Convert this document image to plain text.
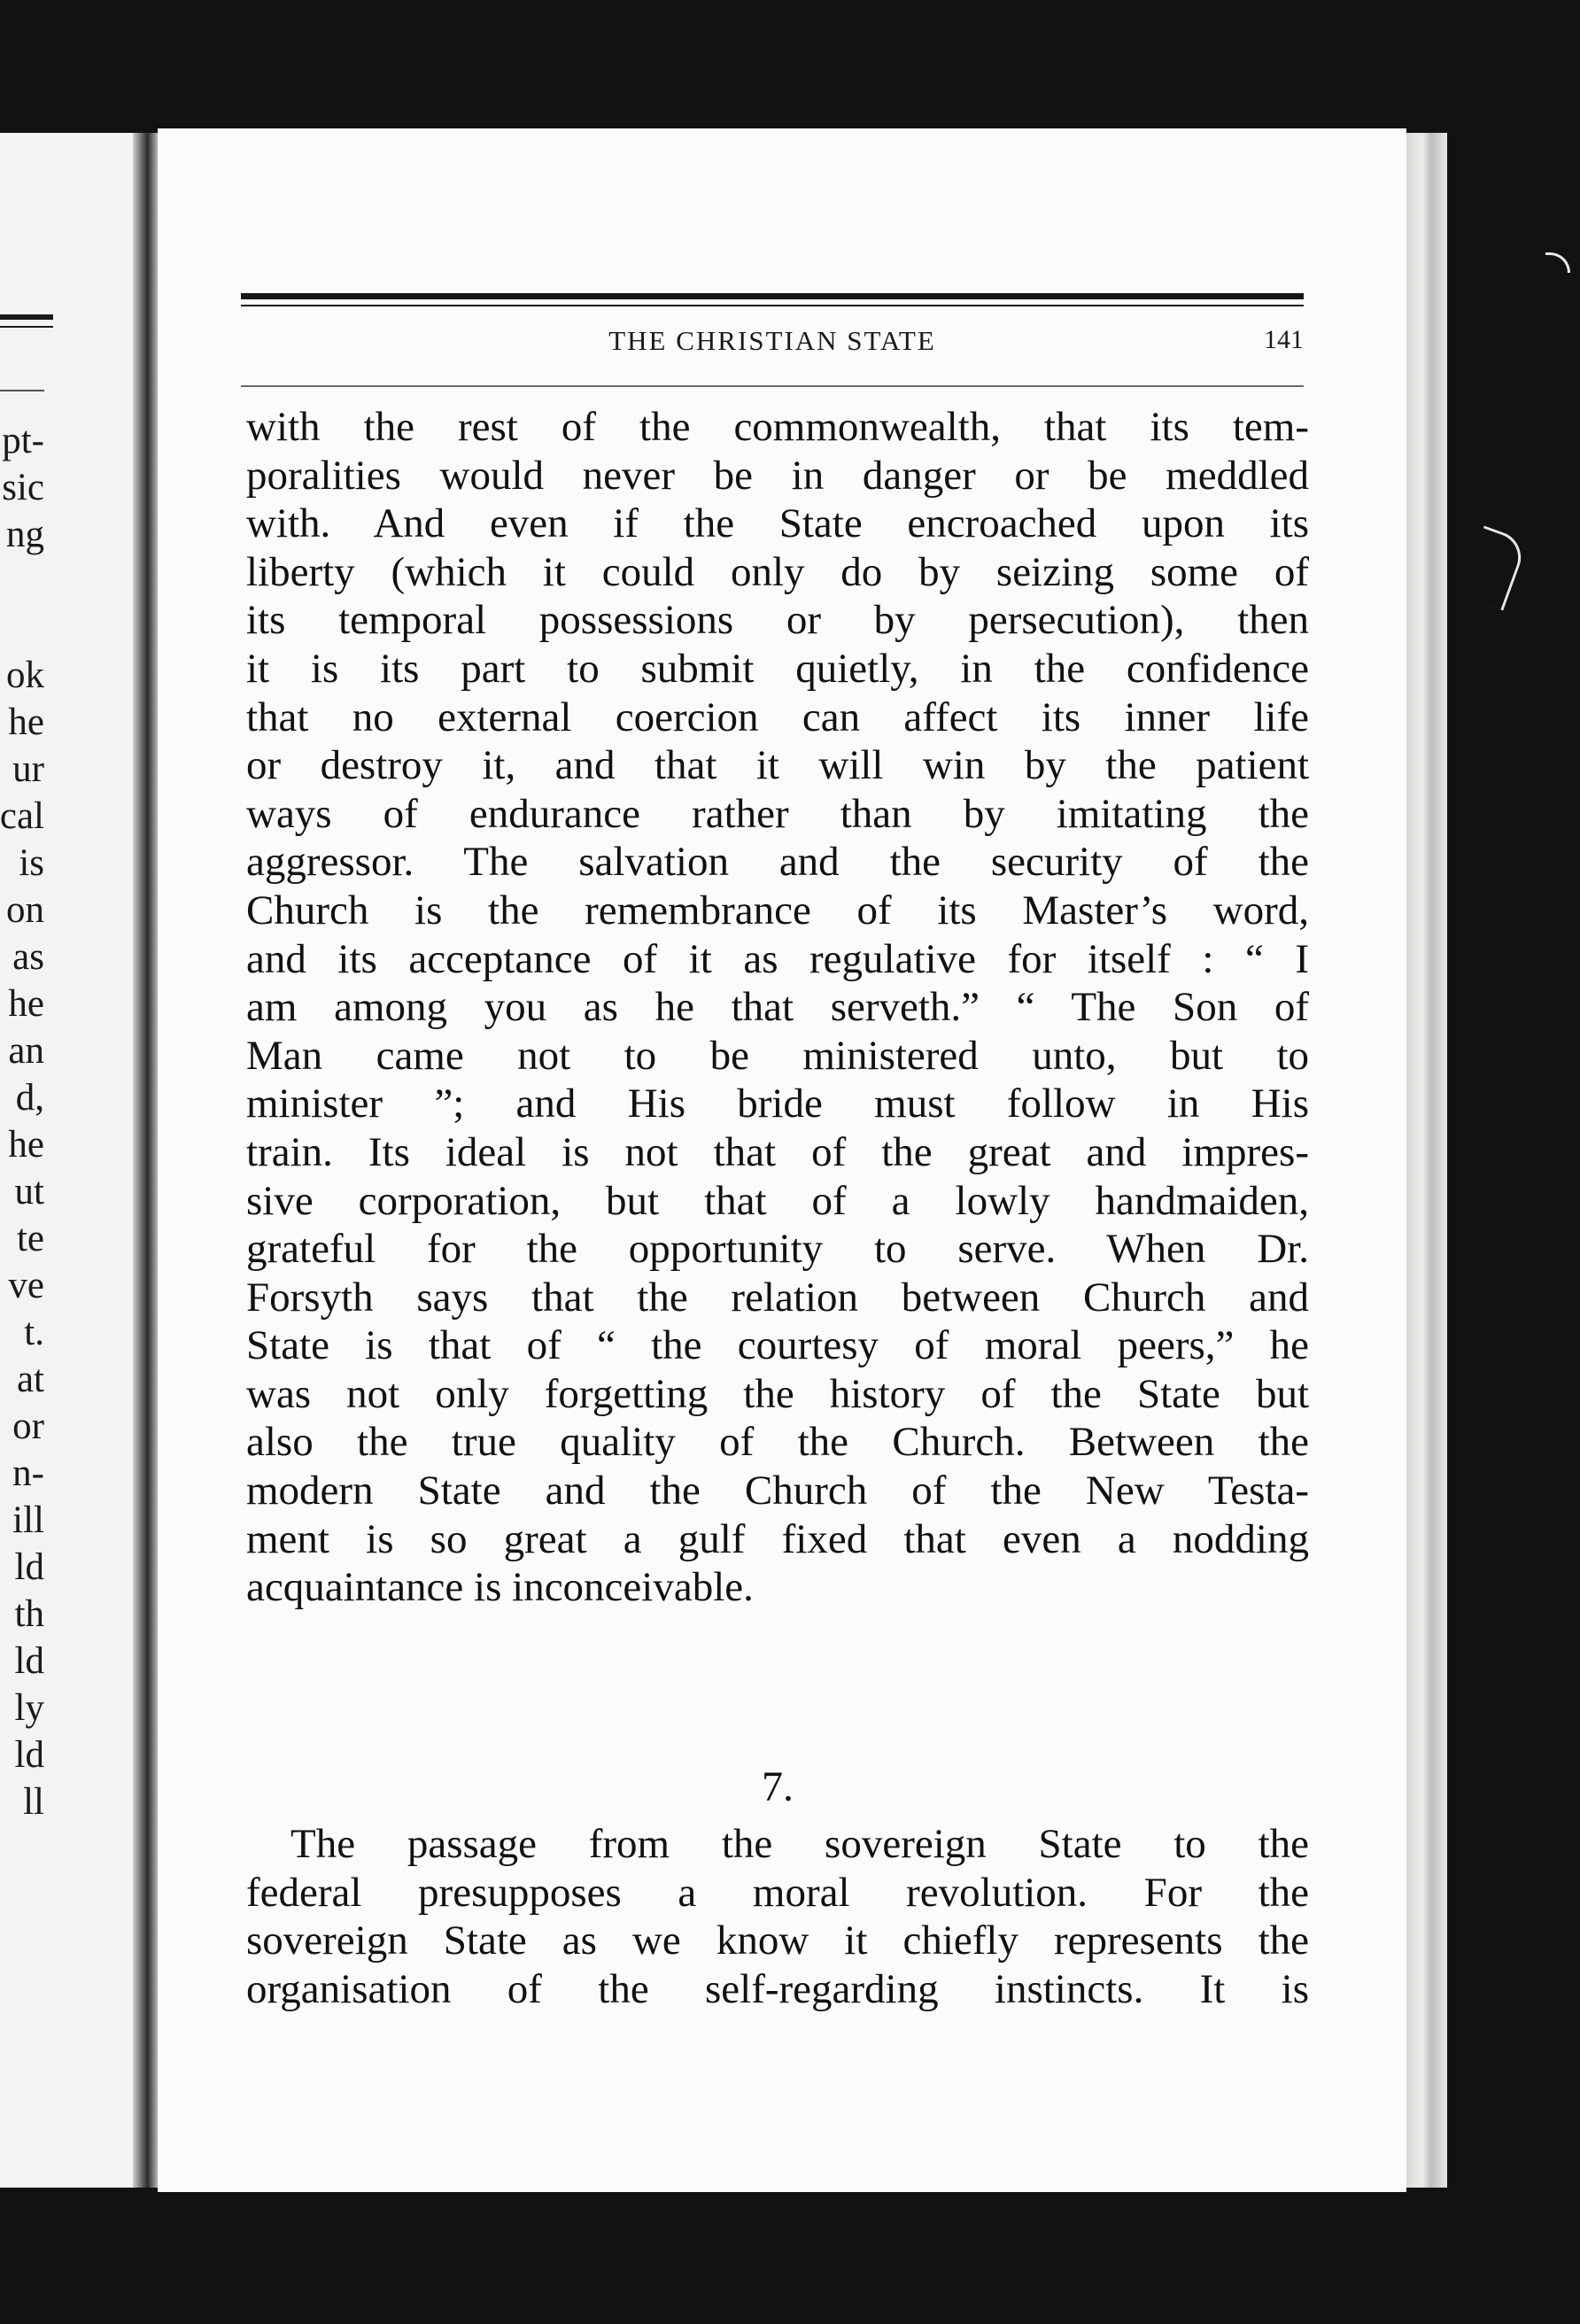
pt-
sic
ng
ok
he
ur
cal
is
on
as
he
an
d,
he
ut
te
ve
t.
at
or
n-
ill
ld
th
ld
ly
ld
ll
THE CHRISTIAN STATE	141
with the rest of the commonwealth, that its tem-
poralities would never be in danger or be meddled
with. And even if the State encroached upon its
liberty (which it could only do by seizing some of
its temporal possessions or by persecution), then
it is its part to submit quietly, in the confidence
that no external coercion can affect its inner life
or destroy it, and that it will win by the patient
ways of endurance rather than by imitating the
aggressor. The salvation and the security of the
Church is the remembrance of its Master’s word,
and its acceptance of it as regulative for itself : “ I
am among you as he that serveth.” “ The Son of
Man came not to be ministered unto, but to
minister ”; and His bride must follow in His
train. Its ideal is not that of the great and impres-
sive corporation, but that of a lowly handmaiden,
grateful for the opportunity to serve. When Dr.
Forsyth says that the relation between Church and
State is that of “ the courtesy of moral peers,” he
was not only forgetting the history of the State but
also the true quality of the Church. Between the
modern State and the Church of the New Testa-
ment is so great a gulf fixed that even a nodding
acquaintance is inconceivable.
7.
The passage from the sovereign State to the
federal presupposes a moral revolution. For the
sovereign State as we know it chiefly represents the
organisation of the self-regarding instincts. It is
